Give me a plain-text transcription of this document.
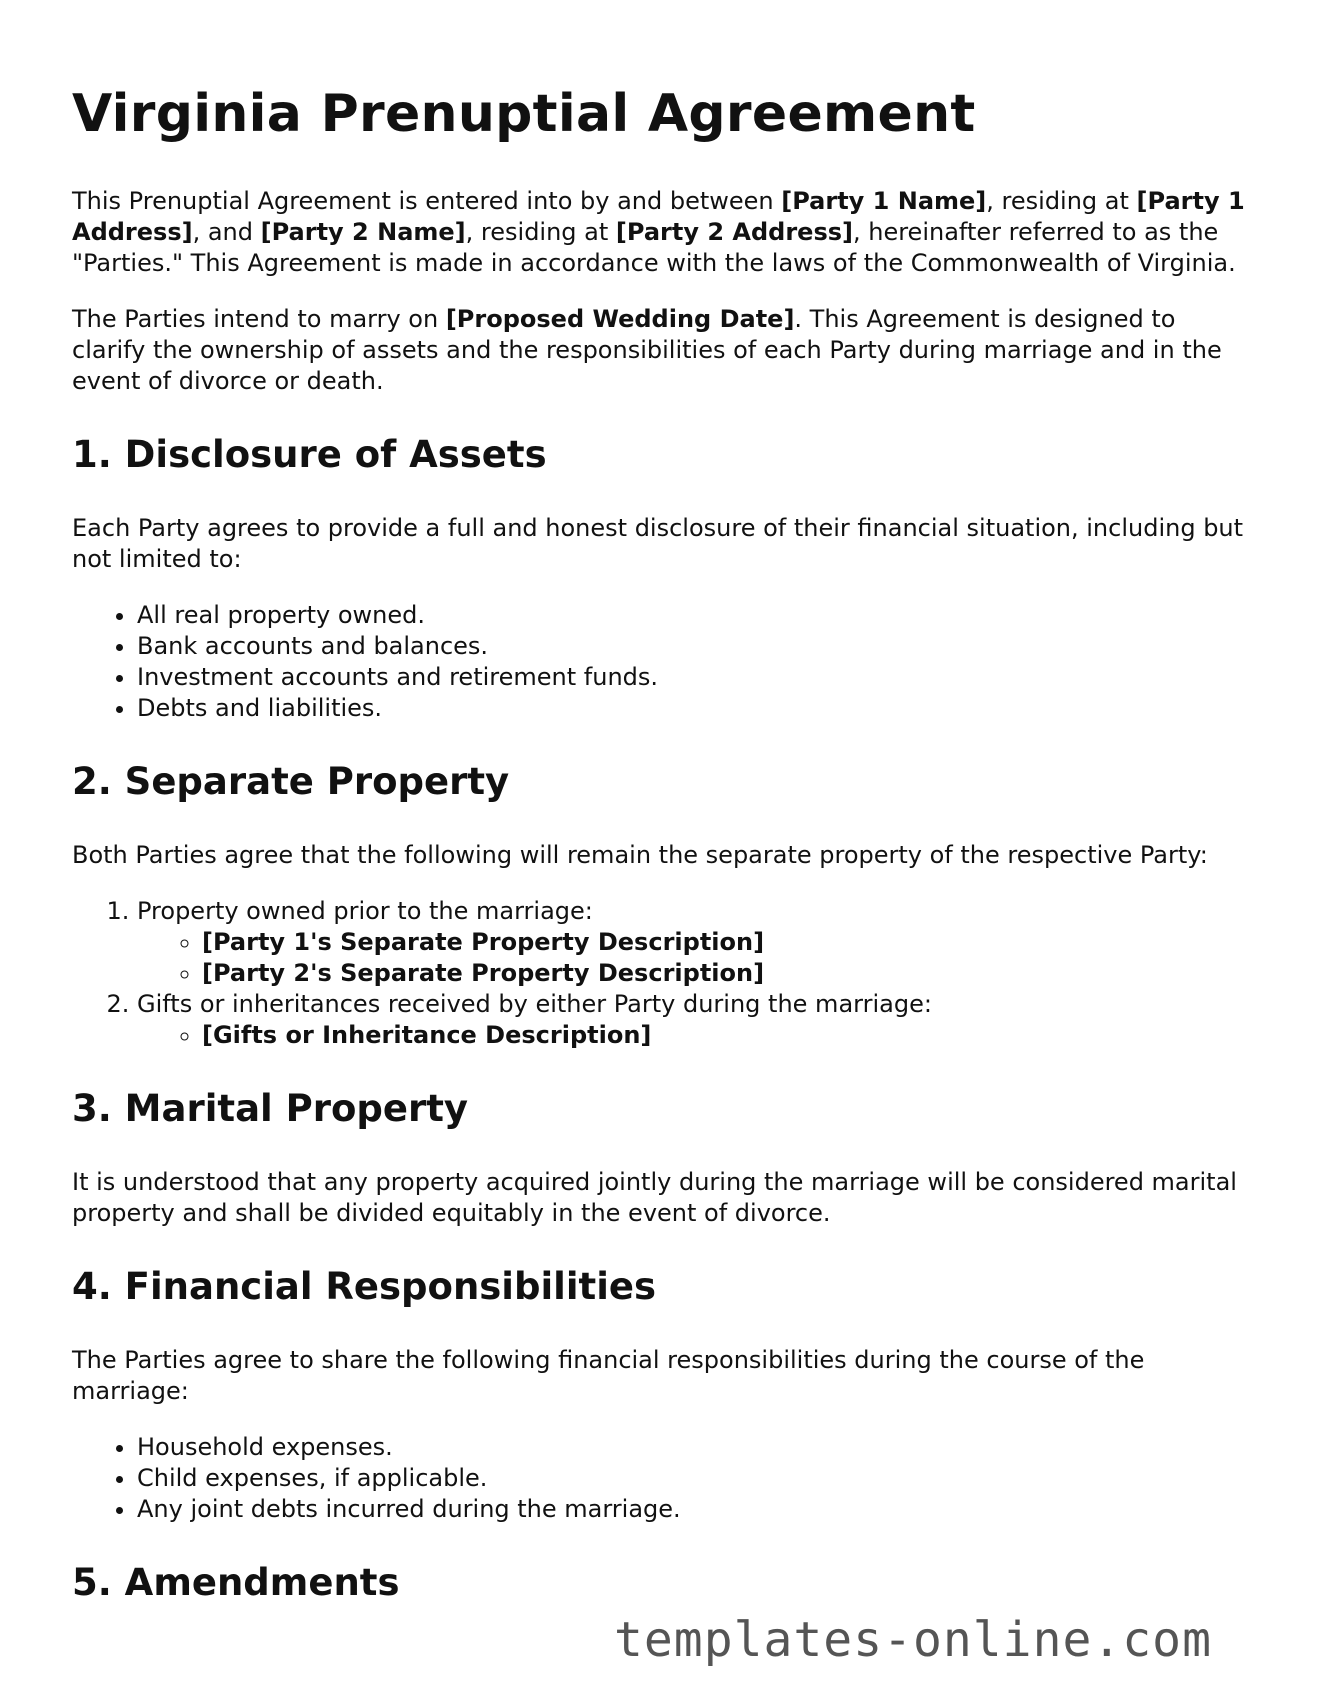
Virginia Prenuptial Agreement

This Prenuptial Agreement is entered into by and between [Party 1 Name], residing at [Party 1 Address], and [Party 2 Name], residing at [Party 2 Address], hereinafter referred to as the "Parties." This Agreement is made in accordance with the laws of the Commonwealth of Virginia.

The Parties intend to marry on [Proposed Wedding Date]. This Agreement is designed to clarify the ownership of assets and the responsibilities of each Party during marriage and in the event of divorce or death.

1. Disclosure of Assets

Each Party agrees to provide a full and honest disclosure of their financial situation, including but not limited to:

• All real property owned.
• Bank accounts and balances.
• Investment accounts and retirement funds.
• Debts and liabilities.
2. Separate Property

Both Parties agree that the following will remain the separate property of the respective Party:

1. Property owned prior to the marriage:
◦ [Party 1's Separate Property Description]
◦ [Party 2's Separate Property Description]
2. Gifts or inheritances received by either Party during the marriage:
◦ [Gifts or Inheritance Description]
3. Marital Property

It is understood that any property acquired jointly during the marriage will be considered marital property and shall be divided equitably in the event of divorce.

4. Financial Responsibilities

The Parties agree to share the following financial responsibilities during the course of the marriage:

• Household expenses.
• Child expenses, if applicable.
• Any joint debts incurred during the marriage.
5. Amendments
templates-online.com
